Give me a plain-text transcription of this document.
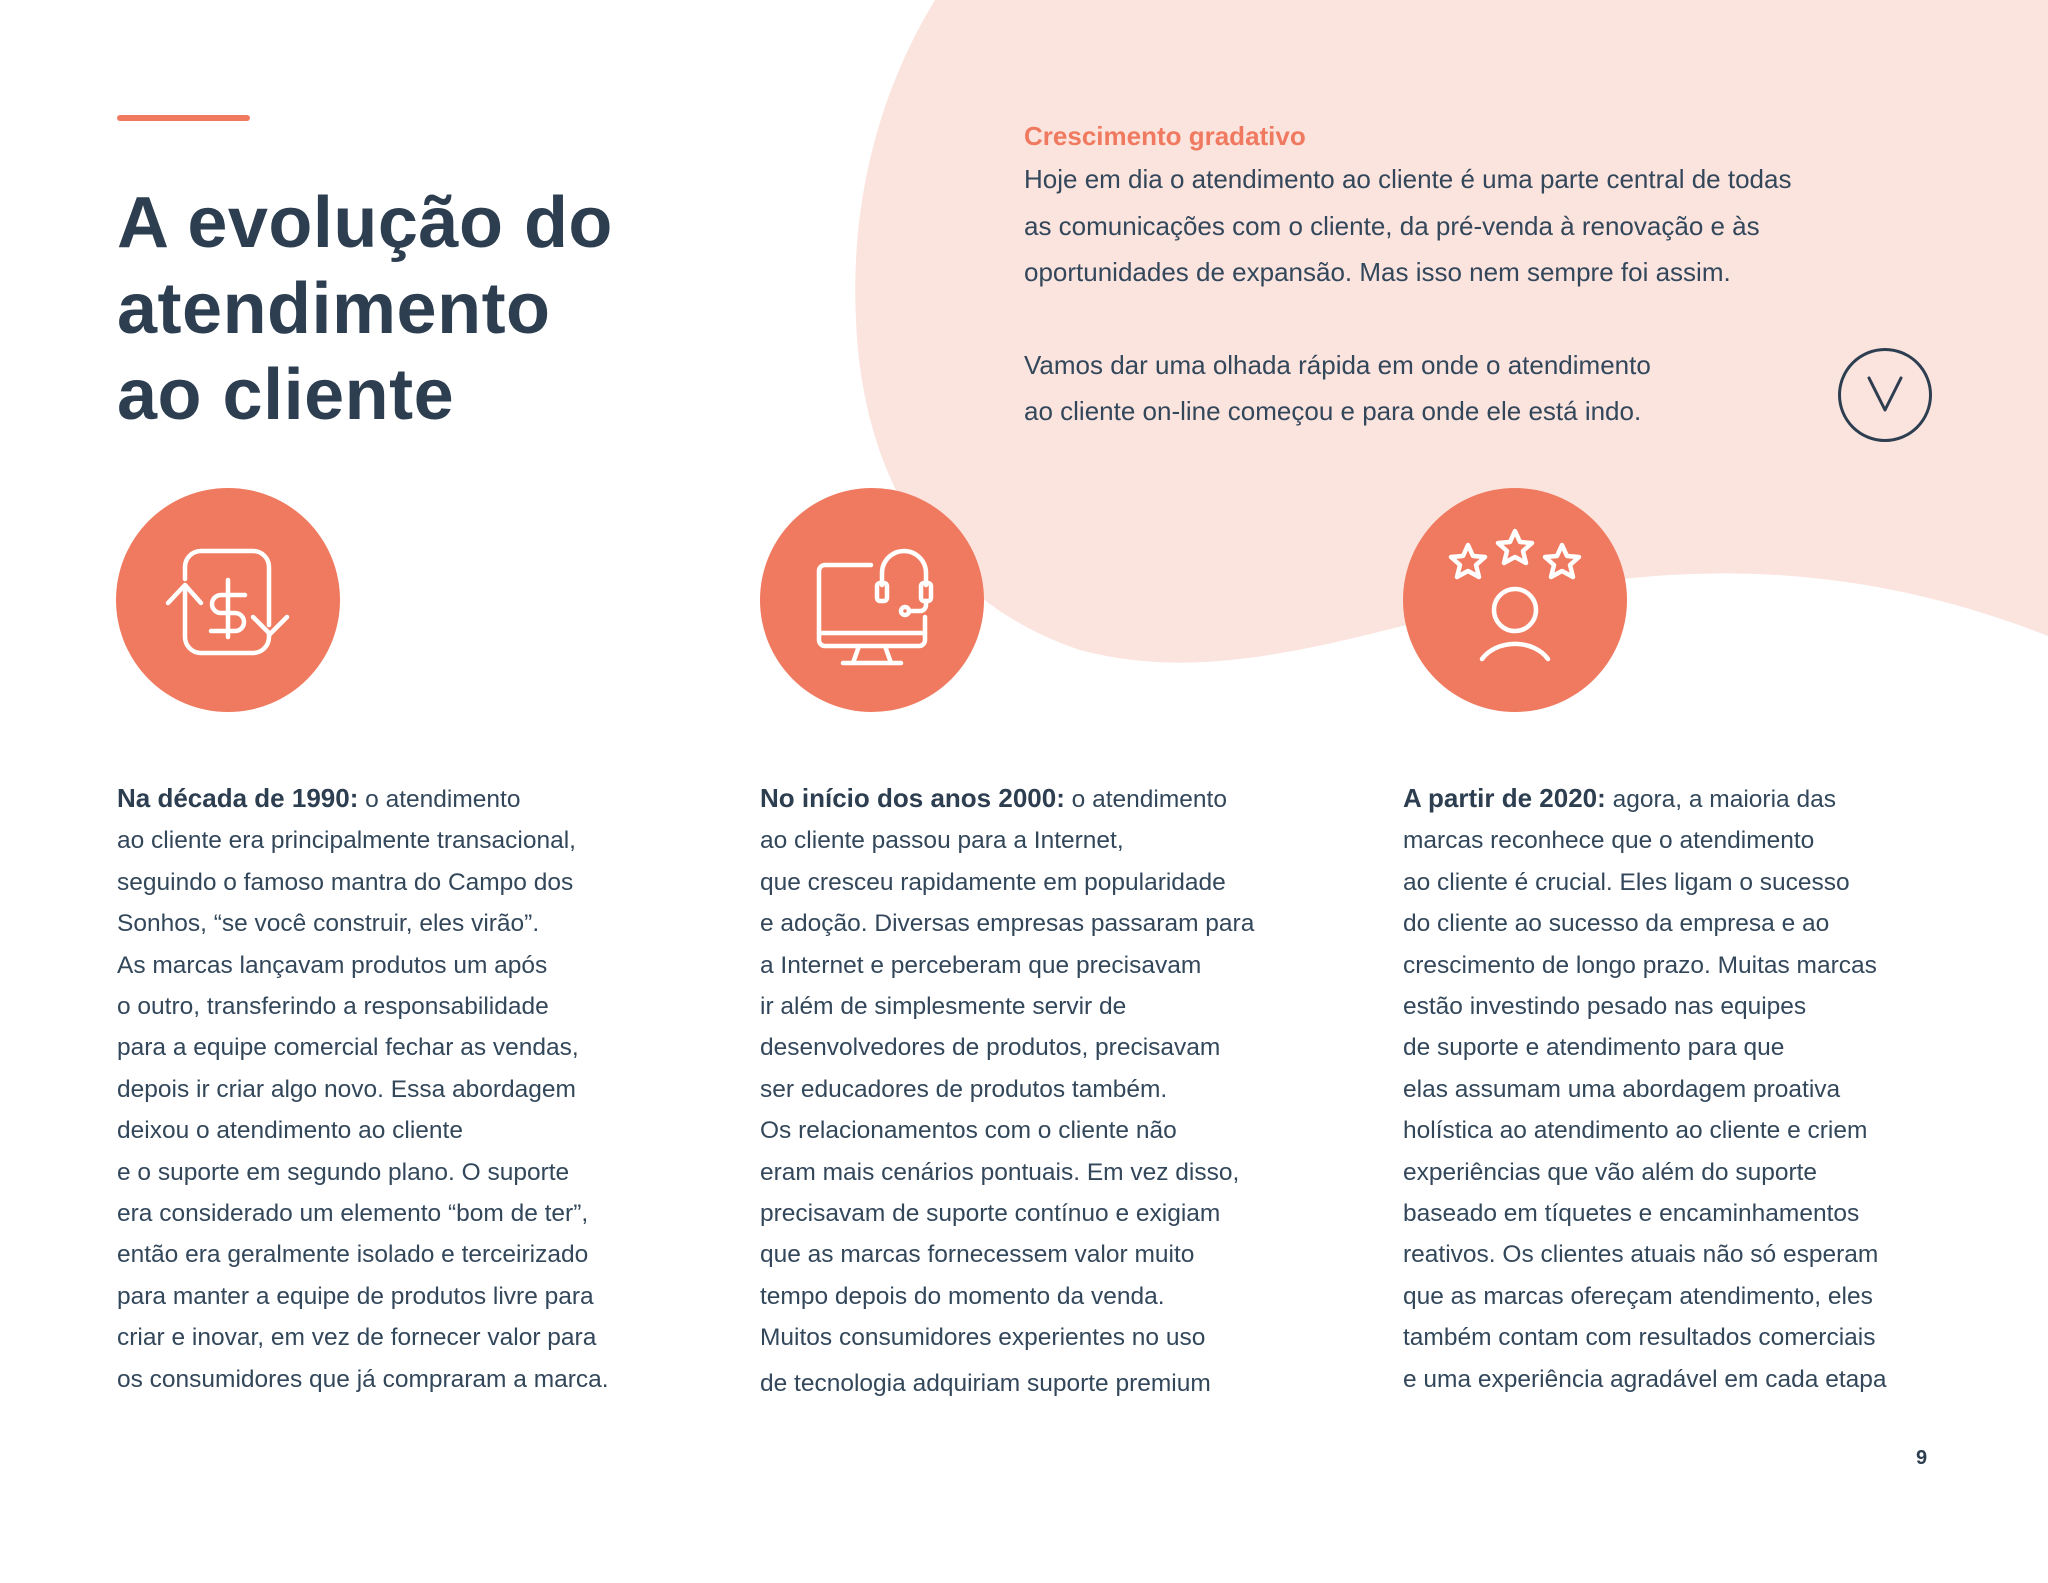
A evolução do
atendimento
ao cliente
Crescimento gradativo

Hoje em dia o atendimento ao cliente é uma parte central de todas
as comunicações com o cliente, da pré-venda à renovação e às
oportunidades de expansão. Mas isso nem sempre foi assim.

Vamos dar uma olhada rápida em onde o atendimento
ao cliente on-line começou e para onde ele está indo.

Na década de 1990: o atendimento
ao cliente era principalmente transacional,
seguindo o famoso mantra do Campo dos
Sonhos, “se você construir, eles virão”.
As marcas lançavam produtos um após
o outro, transferindo a responsabilidade
para a equipe comercial fechar as vendas,
depois ir criar algo novo. Essa abordagem
deixou o atendimento ao cliente
e o suporte em segundo plano. O suporte
era considerado um elemento “bom de ter”,
então era geralmente isolado e terceirizado
para manter a equipe de produtos livre para
criar e inovar, em vez de fornecer valor para
os consumidores que já compraram a marca.

No início dos anos 2000: o atendimento
ao cliente passou para a Internet,
que cresceu rapidamente em popularidade
e adoção. Diversas empresas passaram para
a Internet e perceberam que precisavam
ir além de simplesmente servir de
desenvolvedores de produtos, precisavam
ser educadores de produtos também.
Os relacionamentos com o cliente não
eram mais cenários pontuais. Em vez disso,
precisavam de suporte contínuo e exigiam
que as marcas fornecessem valor muito
tempo depois do momento da venda.
Muitos consumidores experientes no uso
de tecnologia adquiriam suporte premium

A partir de 2020: agora, a maioria das
marcas reconhece que o atendimento
ao cliente é crucial. Eles ligam o sucesso
do cliente ao sucesso da empresa e ao
crescimento de longo prazo. Muitas marcas
estão investindo pesado nas equipes
de suporte e atendimento para que
elas assumam uma abordagem proativa
holística ao atendimento ao cliente e criem
experiências que vão além do suporte
baseado em tíquetes e encaminhamentos
reativos. Os clientes atuais não só esperam
que as marcas ofereçam atendimento, eles
também contam com resultados comerciais
e uma experiência agradável em cada etapa

9
